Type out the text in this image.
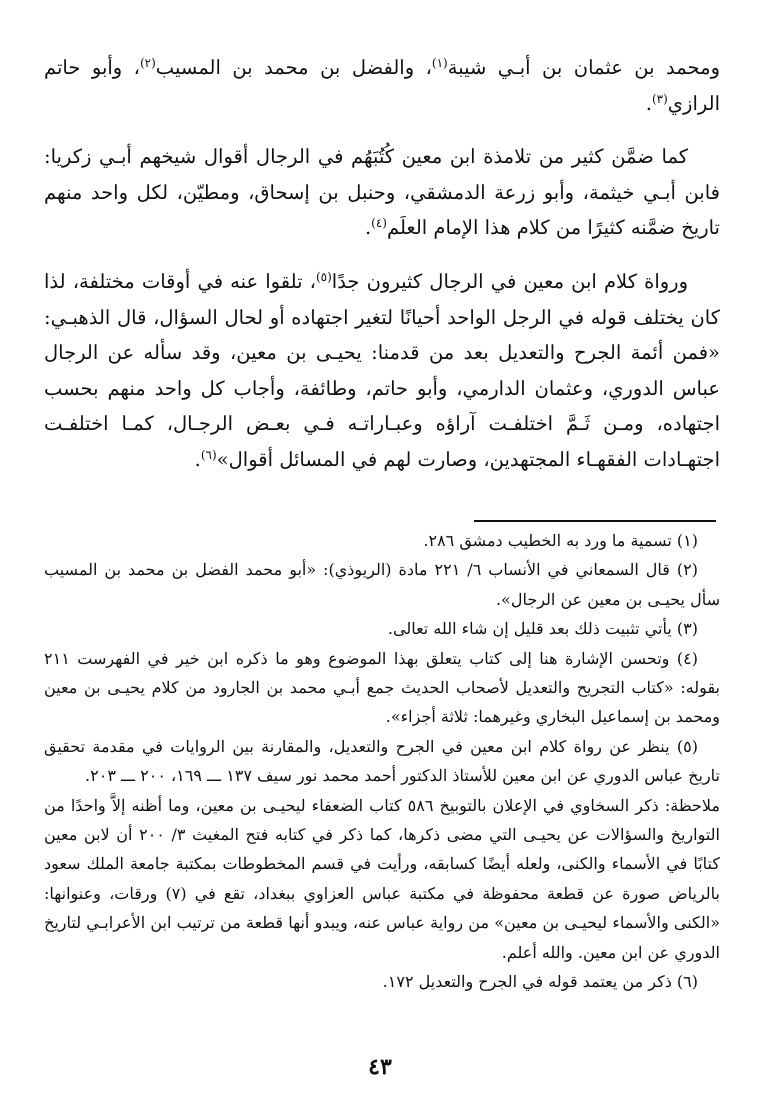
ومحمد بن عثمان بن أبـي شيبة$^{(١)}$، والفضل بن محمد بن المسيب$^{(٢)}$، وأبو حاتم الرازي$^{(٣)}$.

كما ضمَّن كثير من تلامذة ابن معين كُتُبَهُم في الرجال أقوال شيخهم أبـي زكريا: فابن أبـي خيثمة، وأبو زرعة الدمشقي، وحنبل بن إسحاق، ومطيّن، لكل واحد منهم تاريخ ضمَّنه كثيرًا من كلام هذا الإمام العلَم$^{(٤)}$.

ورواة كلام ابن معين في الرجال كثيرون جدًا$^{(٥)}$، تلقوا عنه في أوقات مختلفة، لذا كان يختلف قوله في الرجل الواحد أحيانًا لتغير اجتهاده أو لحال السؤال، قال الذهبـي: «فمن أئمة الجرح والتعديل بعد من قدمنا: يحيـى بن معين، وقد سأله عن الرجال عباس الدوري، وعثمان الدارمي، وأبو حاتم، وطائفة، وأجاب كل واحد منهم بحسب اجتهاده، ومـن ثَـمَّ اختلفـت آراؤه وعبـاراتـه فـي بعـض الرجـال، كمـا اختلفـت اجتهـادات الفقهـاء المجتهدين، وصارت لهم في المسائل أقوال»$^{(٦)}$.

(١) تسمية ما ورد به الخطيب دمشق ٢٨٦.

(٢) قال السمعاني في الأنساب ٦/ ٢٢١ مادة (الريوذي): «أبو محمد الفضل بن محمد بن المسيب سأل يحيـى بن معين عن الرجال».

(٣) يأتي تثبيت ذلك بعد قليل إن شاء الله تعالى.

(٤) وتحسن الإشارة هنا إلى كتاب يتعلق بهذا الموضوع وهو ما ذكره ابن خير في الفهرست ٢١١ بقوله: «كتاب التجريح والتعديل لأصحاب الحديث جمع أبـي محمد بن الجارود من كلام يحيـى بن معين ومحمد بن إسماعيل البخاري وغيرهما: ثلاثة أجزاء».

(٥) ينظر عن رواة كلام ابن معين في الجرح والتعديل، والمقارنة بين الروايات في مقدمة تحقيق تاريخ عباس الدوري عن ابن معين للأستاذ الدكتور أحمد محمد نور سيف ١٣٧ ـــ ١٦٩، ٢٠٠ ـــ ٢٠٣.

ملاحظة: ذكر السخاوي في الإعلان بالتوبيخ ٥٨٦ كتاب الضعفاء ليحيـى بن معين، وما أظنه إلاَّ واحدًا من التواريخ والسؤالات عن يحيـى التي مضى ذكرها، كما ذكر في كتابه فتح المغيث ٣/ ٢٠٠ أن لابن معين كتابًا في الأسماء والكنى، ولعله أيضًا كسابقه، ورأيت في قسم المخطوطات بمكتبة جامعة الملك سعود بالرياض صورة عن قطعة محفوظة في مكتبة عباس العزاوي ببغداد، تقع في (٧) ورقات، وعنوانها: «الكنى والأسماء ليحيـى بن معين» من رواية عباس عنه، ويبدو أنها قطعة من ترتيب ابن الأعرابـي لتاريخ الدوري عن ابن معين. والله أعلم.

(٦) ذكر من يعتمد قوله في الجرح والتعديل ١٧٢.

٤٣
